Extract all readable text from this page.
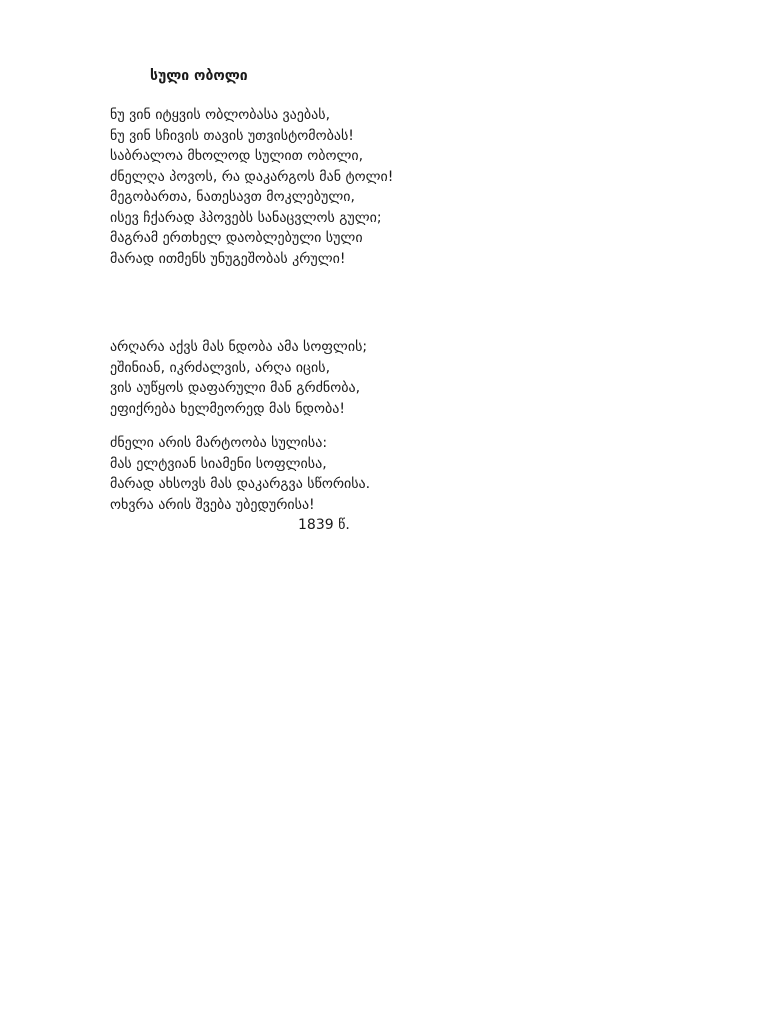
სული ობოლი
ნუ ვინ იტყვის ობლობასა ვაებას,
ნუ ვინ სჩივის თავის უთვისტომობას!
საბრალოა მხოლოდ სულით ობოლი,
ძნელღა პოვოს, რა დაკარგოს მან ტოლი!
მეგობართა, ნათესავთ მოკლებული,
ისევ ჩქარად ჰპოვებს სანაცვლოს გული;
მაგრამ ერთხელ დაობლებული სული
მარად ითმენს უნუგეშობას კრული!
არღარა აქვს მას ნდობა ამა სოფლის;
ეშინიან, იკრძალვის, არღა იცის,
ვის აუწყოს დაფარული მან გრძნობა,
ეფიქრება ხელმეორედ მას ნდობა!
ძნელი არის მარტოობა სულისა:
მას ელტვიან სიამენი სოფლისა,
მარად ახსოვს მას დაკარგვა სწორისა.
ოხვრა არის შვება უბედურისა!
1839 წ.
